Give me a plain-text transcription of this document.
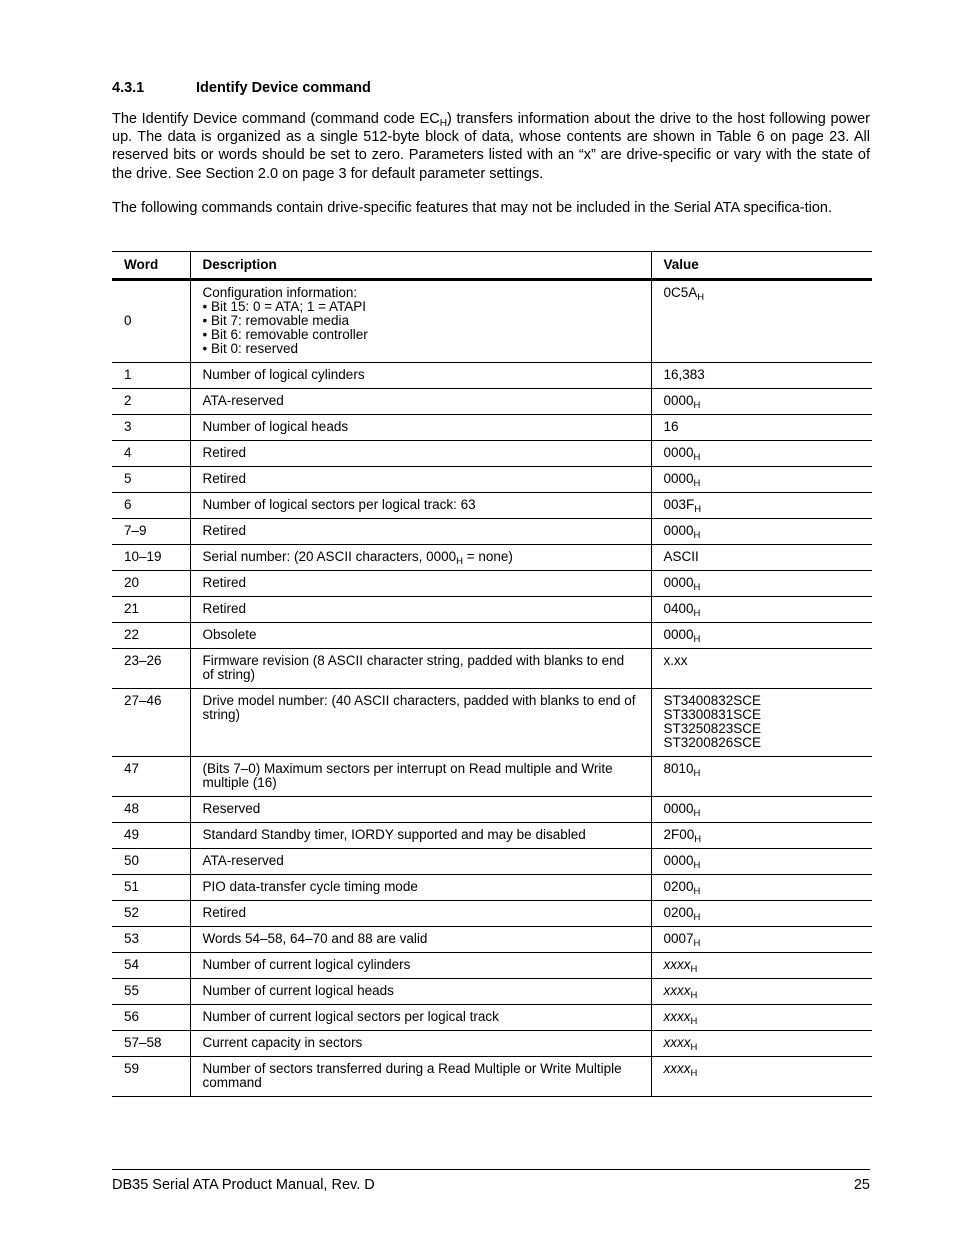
4.3.1	Identify Device command

The Identify Device command (command code $EC_H$) transfers information about the drive to the host following power up. The data is organized as a single 512-byte block of data, whose contents are shown in Table 6 on page 23. All reserved bits or words should be set to zero. Parameters listed with an “x” are drive-specific or vary with the state of the drive. See Section 2.0 on page 3 for default parameter settings.

The following commands contain drive-specific features that may not be included in the Serial ATA specifica-tion.

Word	Description	Value
0	Configuration information:
• Bit 15: 0 = ATA; 1 = ATAPI
• Bit 7: removable media
• Bit 6: removable controller
• Bit 0: reserved	$0C5A_H$
1	Number of logical cylinders	16,383
2	ATA-reserved	$0000_H$
3	Number of logical heads	16
4	Retired	$0000_H$
5	Retired	$0000_H$
6	Number of logical sectors per logical track: 63	$003F_H$
7–9	Retired	$0000_H$
10–19	Serial number: (20 ASCII characters, $0000_H$ = none)	ASCII
20	Retired	$0000_H$
21	Retired	$0400_H$
22	Obsolete	$0000_H$
23–26	Firmware revision (8 ASCII character string, padded with blanks to end of string)	x.xx
27–46	Drive model number: (40 ASCII characters, padded with blanks to end of string)	ST3400832SCE
ST3300831SCE
ST3250823SCE
ST3200826SCE

47	(Bits 7–0) Maximum sectors per interrupt on Read multiple and Write multiple (16)	$8010_H$
48	Reserved	$0000_H$
49	Standard Standby timer, IORDY supported and may be disabled	$2F00_H$
50	ATA-reserved	$0000_H$
51	PIO data-transfer cycle timing mode	$0200_H$
52	Retired	$0200_H$
53	Words 54–58, 64–70 and 88 are valid	$0007_H$
54	Number of current logical cylinders	xxxx$_H$
55	Number of current logical heads	xxxx$_H$
56	Number of current logical sectors per logical track	xxxx$_H$
57–58	Current capacity in sectors	xxxx$_H$
59	Number of sectors transferred during a Read Multiple or Write Multiple command	xxxx$_H$
DB35 Serial ATA Product Manual, Rev. D	25
